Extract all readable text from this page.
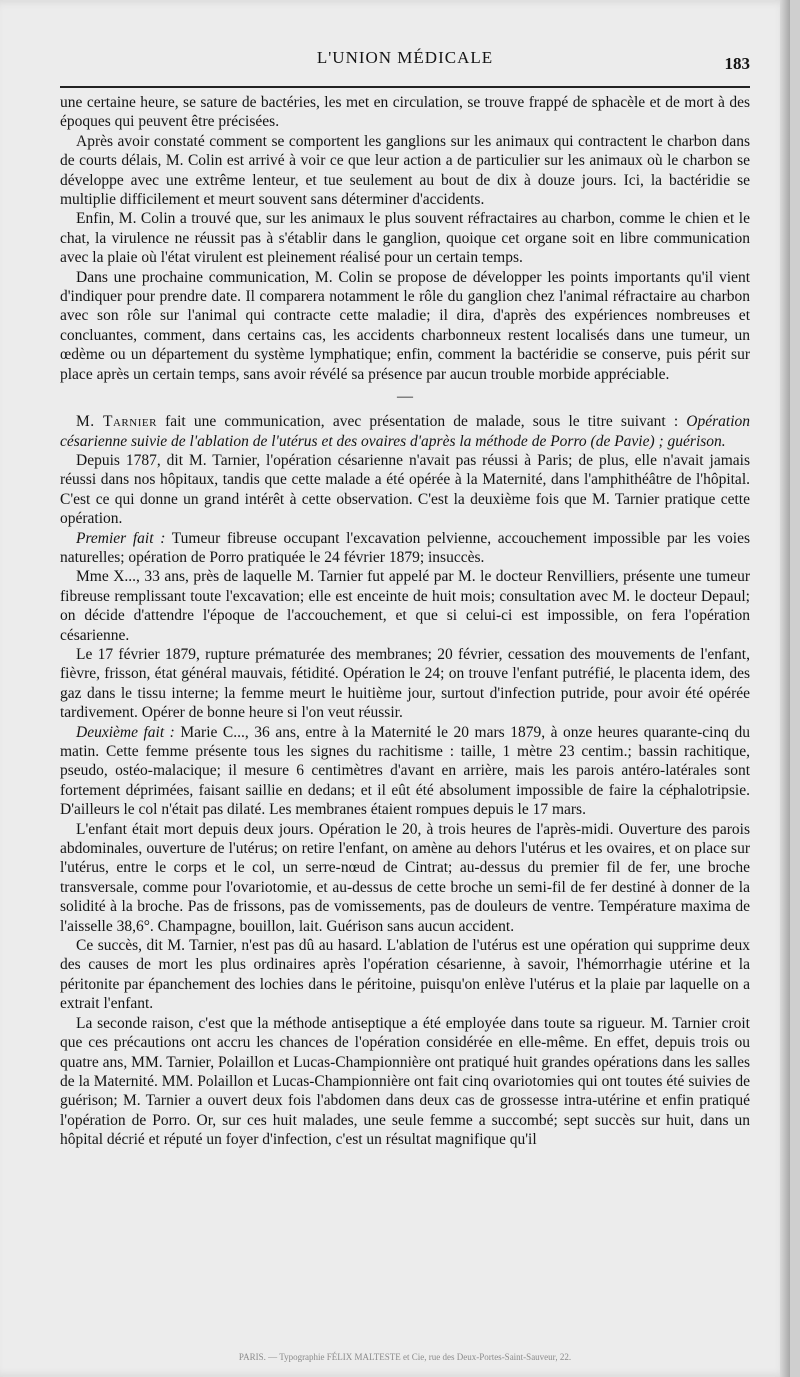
L'UNION MÉDICALE	183

une certaine heure, se sature de bactéries, les met en circulation, se trouve frappé de sphacèle et de mort à des époques qui peuvent être précisées.

Après avoir constaté comment se comportent les ganglions sur les animaux qui contractent le charbon dans de courts délais, M. Colin est arrivé à voir ce que leur action a de particulier sur les animaux où le charbon se développe avec une extrême lenteur, et tue seulement au bout de dix à douze jours. Ici, la bactéridie se multiplie difficilement et meurt souvent sans déterminer d'accidents.

Enfin, M. Colin a trouvé que, sur les animaux le plus souvent réfractaires au charbon, comme le chien et le chat, la virulence ne réussit pas à s'établir dans le ganglion, quoique cet organe soit en libre communication avec la plaie où l'état virulent est pleinement réalisé pour un certain temps.

Dans une prochaine communication, M. Colin se propose de développer les points importants qu'il vient d'indiquer pour prendre date. Il comparera notamment le rôle du ganglion chez l'animal réfractaire au charbon avec son rôle sur l'animal qui contracte cette maladie; il dira, d'après des expériences nombreuses et concluantes, comment, dans certains cas, les accidents charbonneux restent localisés dans une tumeur, un œdème ou un département du système lymphatique; enfin, comment la bactéridie se conserve, puis périt sur place après un certain temps, sans avoir révélé sa présence par aucun trouble morbide appréciable.

—

M. Tarnier fait une communication, avec présentation de malade, sous le titre suivant : Opération césarienne suivie de l'ablation de l'utérus et des ovaires d'après la méthode de Porro (de Pavie) ; guérison.

Depuis 1787, dit M. Tarnier, l'opération césarienne n'avait pas réussi à Paris; de plus, elle n'avait jamais réussi dans nos hôpitaux, tandis que cette malade a été opérée à la Maternité, dans l'amphithéâtre de l'hôpital. C'est ce qui donne un grand intérêt à cette observation. C'est la deuxième fois que M. Tarnier pratique cette opération.

Premier fait : Tumeur fibreuse occupant l'excavation pelvienne, accouchement impossible par les voies naturelles; opération de Porro pratiquée le 24 février 1879; insuccès.

Mme X..., 33 ans, près de laquelle M. Tarnier fut appelé par M. le docteur Renvilliers, présente une tumeur fibreuse remplissant toute l'excavation; elle est enceinte de huit mois; consultation avec M. le docteur Depaul; on décide d'attendre l'époque de l'accouchement, et que si celui-ci est impossible, on fera l'opération césarienne.

Le 17 février 1879, rupture prématurée des membranes; 20 février, cessation des mouvements de l'enfant, fièvre, frisson, état général mauvais, fétidité. Opération le 24; on trouve l'enfant putréfié, le placenta idem, des gaz dans le tissu interne; la femme meurt le huitième jour, surtout d'infection putride, pour avoir été opérée tardivement. Opérer de bonne heure si l'on veut réussir.

Deuxième fait : Marie C..., 36 ans, entre à la Maternité le 20 mars 1879, à onze heures quarante-cinq du matin. Cette femme présente tous les signes du rachitisme : taille, 1 mètre 23 centim.; bassin rachitique, pseudo, ostéo-malacique; il mesure 6 centimètres d'avant en arrière, mais les parois antéro-latérales sont fortement déprimées, faisant saillie en dedans; et il eût été absolument impossible de faire la céphalotripsie. D'ailleurs le col n'était pas dilaté. Les membranes étaient rompues depuis le 17 mars.

L'enfant était mort depuis deux jours. Opération le 20, à trois heures de l'après-midi. Ouverture des parois abdominales, ouverture de l'utérus; on retire l'enfant, on amène au dehors l'utérus et les ovaires, et on place sur l'utérus, entre le corps et le col, un serre-nœud de Cintrat; au-dessus du premier fil de fer, une broche transversale, comme pour l'ovariotomie, et au-dessus de cette broche un semi-fil de fer destiné à donner de la solidité à la broche. Pas de frissons, pas de vomissements, pas de douleurs de ventre. Température maxima de l'aisselle 38,6°. Champagne, bouillon, lait. Guérison sans aucun accident.

Ce succès, dit M. Tarnier, n'est pas dû au hasard. L'ablation de l'utérus est une opération qui supprime deux des causes de mort les plus ordinaires après l'opération césarienne, à savoir, l'hémorrhagie utérine et la péritonite par épanchement des lochies dans le péritoine, puisqu'on enlève l'utérus et la plaie par laquelle on a extrait l'enfant.

La seconde raison, c'est que la méthode antiseptique a été employée dans toute sa rigueur. M. Tarnier croit que ces précautions ont accru les chances de l'opération considérée en elle-même. En effet, depuis trois ou quatre ans, MM. Tarnier, Polaillon et Lucas-Championnière ont pratiqué huit grandes opérations dans les salles de la Maternité. MM. Polaillon et Lucas-Championnière ont fait cinq ovariotomies qui ont toutes été suivies de guérison; M. Tarnier a ouvert deux fois l'abdomen dans deux cas de grossesse intra-utérine et enfin pratiqué l'opération de Porro. Or, sur ces huit malades, une seule femme a succombé; sept succès sur huit, dans un hôpital décrié et réputé un foyer d'infection, c'est un résultat magnifique qu'il

PARIS. — Typographie FÉLIX MALTESTE et Cie, rue des Deux-Portes-Saint-Sauveur, 22.
